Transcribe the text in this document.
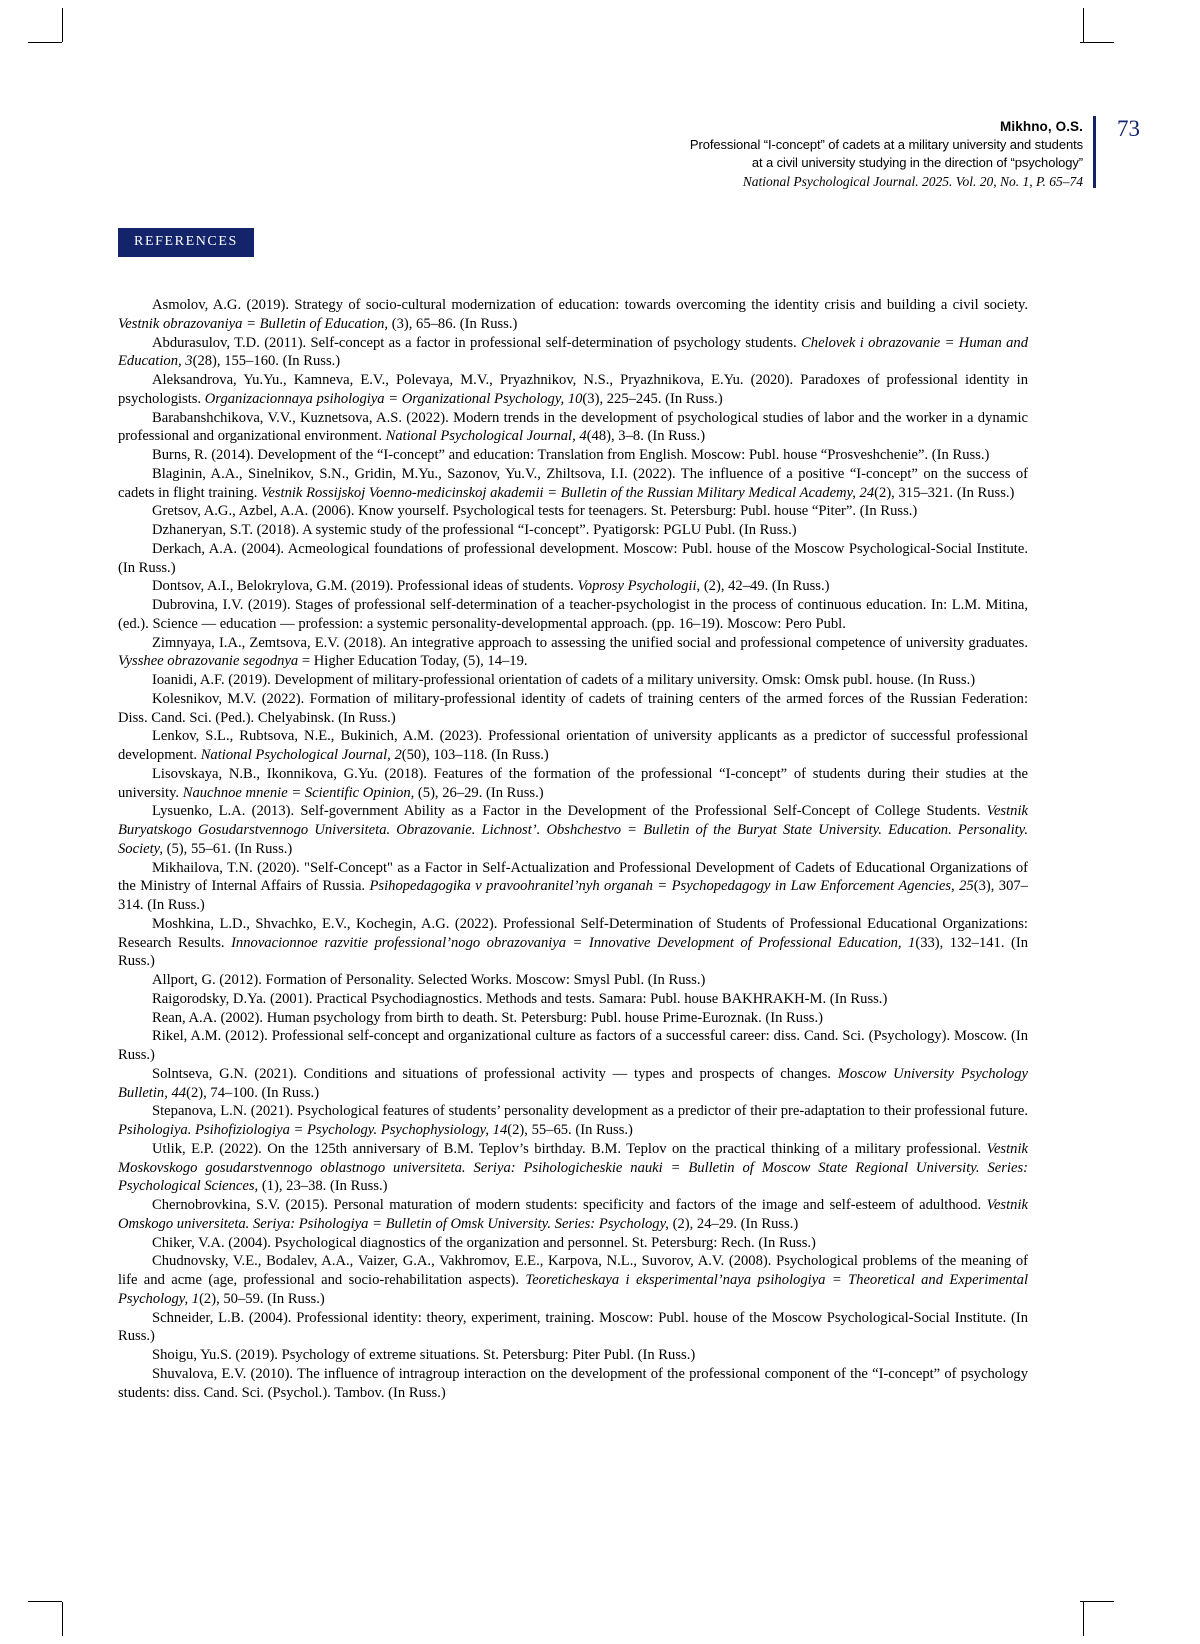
Mikhno, O.S.
Professional “I-concept” of cadets at a military university and students
at a civil university studying in the direction of “psychology”
National Psychological Journal. 2025. Vol. 20, No. 1, P. 65–74
73
REFERENCES

Asmolov, A.G. (2019). Strategy of socio-cultural modernization of education: towards overcoming the identity crisis and building a civil society. Vestnik obrazovaniya = Bulletin of Education, (3), 65–86. (In Russ.)

Abdurasulov, T.D. (2011). Self-concept as a factor in professional self-determination of psychology students. Chelovek i obrazovanie = Human and Education, 3(28), 155–160. (In Russ.)

Aleksandrova, Yu.Yu., Kamneva, E.V., Polevaya, M.V., Pryazhnikov, N.S., Pryazhnikova, E.Yu. (2020). Paradoxes of professional identity in psychologists. Organizacionnaya psihologiya = Organizational Psychology, 10(3), 225–245. (In Russ.)

Barabanshchikova, V.V., Kuznetsova, A.S. (2022). Modern trends in the development of psychological studies of labor and the worker in a dynamic professional and organizational environment. National Psychological Journal, 4(48), 3–8. (In Russ.)

Burns, R. (2014). Development of the “I-concept” and education: Translation from English. Moscow: Publ. house “Prosveshchenie”. (In Russ.)

Blaginin, A.A., Sinelnikov, S.N., Gridin, M.Yu., Sazonov, Yu.V., Zhiltsova, I.I. (2022). The influence of a positive “I-concept” on the success of cadets in flight training. Vestnik Rossijskoj Voenno-medicinskoj akademii = Bulletin of the Russian Military Medical Academy, 24(2), 315–321. (In Russ.)

Gretsov, A.G., Azbel, A.A. (2006). Know yourself. Psychological tests for teenagers. St. Petersburg: Publ. house “Piter”. (In Russ.)

Dzhaneryan, S.T. (2018). A systemic study of the professional “I-concept”. Pyatigorsk: PGLU Publ. (In Russ.)

Derkach, A.A. (2004). Acmeological foundations of professional development. Moscow: Publ. house of the Moscow Psychological-Social Institute. (In Russ.)

Dontsov, A.I., Belokrylova, G.M. (2019). Professional ideas of students. Voprosy Psychologii, (2), 42–49. (In Russ.)

Dubrovina, I.V. (2019). Stages of professional self-determination of a teacher-psychologist in the process of continuous education. In: L.M. Mitina, (ed.). Science — education — profession: a systemic personality-developmental approach. (pp. 16–19). Moscow: Pero Publ.

Zimnyaya, I.A., Zemtsova, E.V. (2018). An integrative approach to assessing the unified social and professional competence of university graduates. Vysshee obrazovanie segodnya = Higher Education Today, (5), 14–19.

Ioanidi, A.F. (2019). Development of military-professional orientation of cadets of a military university. Omsk: Omsk publ. house. (In Russ.)

Kolesnikov, M.V. (2022). Formation of military-professional identity of cadets of training centers of the armed forces of the Russian Federation: Diss. Cand. Sci. (Ped.). Chelyabinsk. (In Russ.)

Lenkov, S.L., Rubtsova, N.E., Bukinich, A.M. (2023). Professional orientation of university applicants as a predictor of successful professional development. National Psychological Journal, 2(50), 103–118. (In Russ.)

Lisovskaya, N.B., Ikonnikova, G.Yu. (2018). Features of the formation of the professional “I-concept” of students during their studies at the university. Nauchnoe mnenie = Scientific Opinion, (5), 26–29. (In Russ.)

Lysuenko, L.A. (2013). Self-government Ability as a Factor in the Development of the Professional Self-Concept of College Students. Vestnik Buryatskogo Gosudarstvennogo Universiteta. Obrazovanie. Lichnost’. Obshchestvo = Bulletin of the Buryat State University. Education. Personality. Society, (5), 55–61. (In Russ.)

Mikhailova, T.N. (2020). "Self-Concept" as a Factor in Self-Actualization and Professional Development of Cadets of Educational Organizations of the Ministry of Internal Affairs of Russia. Psihopedagogika v pravoohranitel’nyh organah = Psychopedagogy in Law Enforcement Agencies, 25(3), 307–314. (In Russ.)

Moshkina, L.D., Shvachko, E.V., Kochegin, A.G. (2022). Professional Self-Determination of Students of Professional Educational Organizations: Research Results. Innovacionnoe razvitie professional’nogo obrazovaniya = Innovative Development of Professional Education, 1(33), 132–141. (In Russ.)

Allport, G. (2012). Formation of Personality. Selected Works. Moscow: Smysl Publ. (In Russ.)

Raigorodsky, D.Ya. (2001). Practical Psychodiagnostics. Methods and tests. Samara: Publ. house BAKHRAKH-M. (In Russ.)

Rean, A.A. (2002). Human psychology from birth to death. St. Petersburg: Publ. house Prime-Euroznak. (In Russ.)

Rikel, A.M. (2012). Professional self-concept and organizational culture as factors of a successful career: diss. Cand. Sci. (Psychology). Moscow. (In Russ.)

Solntseva, G.N. (2021). Conditions and situations of professional activity — types and prospects of changes. Moscow University Psychology Bulletin, 44(2), 74–100. (In Russ.)

Stepanova, L.N. (2021). Psychological features of students’ personality development as a predictor of their pre-adaptation to their professional future. Psihologiya. Psihofiziologiya = Psychology. Psychophysiology, 14(2), 55–65. (In Russ.)

Utlik, E.P. (2022). On the 125th anniversary of B.M. Teplov’s birthday. B.M. Teplov on the practical thinking of a military professional. Vestnik Moskovskogo gosudarstvennogo oblastnogo universiteta. Seriya: Psihologicheskie nauki = Bulletin of Moscow State Regional University. Series: Psychological Sciences, (1), 23–38. (In Russ.)

Chernobrovkina, S.V. (2015). Personal maturation of modern students: specificity and factors of the image and self-esteem of adulthood. Vestnik Omskogo universiteta. Seriya: Psihologiya = Bulletin of Omsk University. Series: Psychology, (2), 24–29. (In Russ.)

Chiker, V.A. (2004). Psychological diagnostics of the organization and personnel. St. Petersburg: Rech. (In Russ.)

Chudnovsky, V.E., Bodalev, A.A., Vaizer, G.A., Vakhromov, E.E., Karpova, N.L., Suvorov, A.V. (2008). Psychological problems of the meaning of life and acme (age, professional and socio-rehabilitation aspects). Teoreticheskaya i eksperimental’naya psihologiya = Theoretical and Experimental Psychology, 1(2), 50–59. (In Russ.)

Schneider, L.B. (2004). Professional identity: theory, experiment, training. Moscow: Publ. house of the Moscow Psychological-Social Institute. (In Russ.)

Shoigu, Yu.S. (2019). Psychology of extreme situations. St. Petersburg: Piter Publ. (In Russ.)

Shuvalova, E.V. (2010). The influence of intragroup interaction on the development of the professional component of the “I-concept” of psychology students: diss. Cand. Sci. (Psychol.). Tambov. (In Russ.)
